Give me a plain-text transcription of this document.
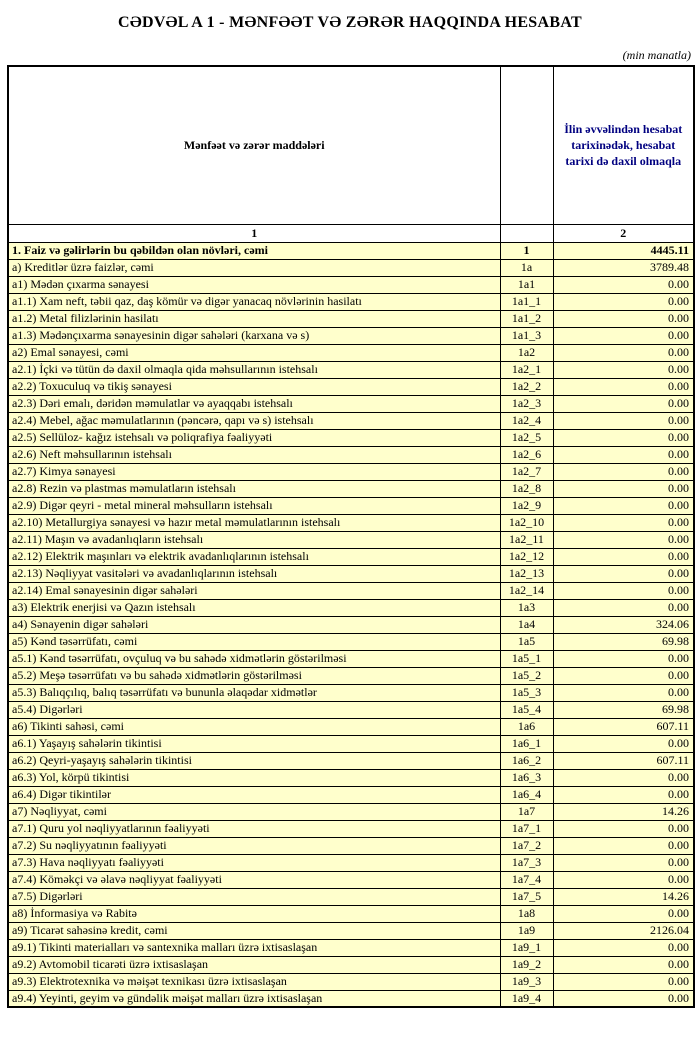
CƏDVƏL A 1 - MƏNFƏƏT VƏ ZƏRƏR HAQQINDA HESABAT
(min manatla)
Mənfəət və zərər maddələri		İlin əvvəlindən hesabat tarixinədək, hesabat tarixi də daxil olmaqla
1		2
1. Faiz və gəlirlərin bu qəbildən olan növləri, cəmi	1	4445.11
a) Kreditlər üzrə faizlər, cəmi	1a	3789.48
a1) Mədən çıxarma sənayesi	1a1	0.00
a1.1) Xam neft, təbii qaz, daş kömür və digər yanacaq növlərinin hasilatı	1a1_1	0.00
a1.2) Metal filizlərinin hasilatı	1a1_2	0.00
a1.3) Mədənçıxarma sənayesinin digər sahələri (karxana və s)	1a1_3	0.00
a2) Emal sənayesi, cəmi	1a2	0.00
a2.1) İçki və tütün də daxil olmaqla qida məhsullarının istehsalı	1a2_1	0.00
a2.2) Toxuculuq və tikiş sənayesi	1a2_2	0.00
a2.3) Dəri emalı, dəridən məmulatlar və ayaqqabı istehsalı	1a2_3	0.00
a2.4) Mebel, ağac məmulatlarının (pəncərə, qapı və s) istehsalı	1a2_4	0.00
a2.5) Sellüloz- kağız istehsalı və poliqrafiya fəaliyyəti	1a2_5	0.00
a2.6) Neft məhsullarının istehsalı	1a2_6	0.00
a2.7) Kimya sənayesi	1a2_7	0.00
a2.8) Rezin və plastmas məmulatların istehsalı	1a2_8	0.00
a2.9) Digər qeyri - metal mineral məhsulların istehsalı	1a2_9	0.00
a2.10) Metallurgiya sənayesi və hazır metal məmulatlarının istehsalı	1a2_10	0.00
a2.11) Maşın və avadanlıqların istehsalı	1a2_11	0.00
a2.12) Elektrik maşınları və elektrik avadanlıqlarının istehsalı	1a2_12	0.00
a2.13) Nəqliyyat vasitələri və avadanlıqlarının istehsalı	1a2_13	0.00
a2.14) Emal sənayesinin digər sahələri	1a2_14	0.00
a3) Elektrik enerjisi və Qazın istehsalı	1a3	0.00
a4) Sənayenin digər sahələri	1a4	324.06
a5) Kənd təsərrüfatı, cəmi	1a5	69.98
a5.1) Kənd təsərrüfatı, ovçuluq və bu sahədə xidmətlərin göstərilməsi	1a5_1	0.00
a5.2) Meşə təsərrüfatı və bu sahədə xidmətlərin göstərilməsi	1a5_2	0.00
a5.3) Balıqçılıq, balıq təsərrüfatı və bununla əlaqədar xidmətlər	1a5_3	0.00
a5.4) Digərləri	1a5_4	69.98
a6) Tikinti sahəsi, cəmi	1a6	607.11
a6.1) Yaşayış sahələrin tikintisi	1a6_1	0.00
a6.2) Qeyri-yaşayış sahələrin tikintisi	1a6_2	607.11
a6.3) Yol, körpü tikintisi	1a6_3	0.00
a6.4) Digər tikintilər	1a6_4	0.00
a7) Nəqliyyat, cəmi	1a7	14.26
a7.1) Quru yol nəqliyyatlarının fəaliyyəti	1a7_1	0.00
a7.2) Su nəqliyyatının fəaliyyəti	1a7_2	0.00
a7.3) Hava nəqliyyatı fəaliyyəti	1a7_3	0.00
a7.4) Köməkçi və əlavə nəqliyyat fəaliyyəti	1a7_4	0.00
a7.5) Digərləri	1a7_5	14.26
a8) İnformasiya və Rabitə	1a8	0.00
a9) Ticarət sahəsinə kredit, cəmi	1a9	2126.04
a9.1) Tikinti materialları və santexnika malları üzrə ixtisaslaşan	1a9_1	0.00
a9.2) Avtomobil ticarəti üzrə ixtisaslaşan	1a9_2	0.00
a9.3) Elektrotexnika və məişət texnikası üzrə ixtisaslaşan	1a9_3	0.00
a9.4) Yeyinti, geyim və gündəlik məişət malları üzrə ixtisaslaşan	1a9_4	0.00
